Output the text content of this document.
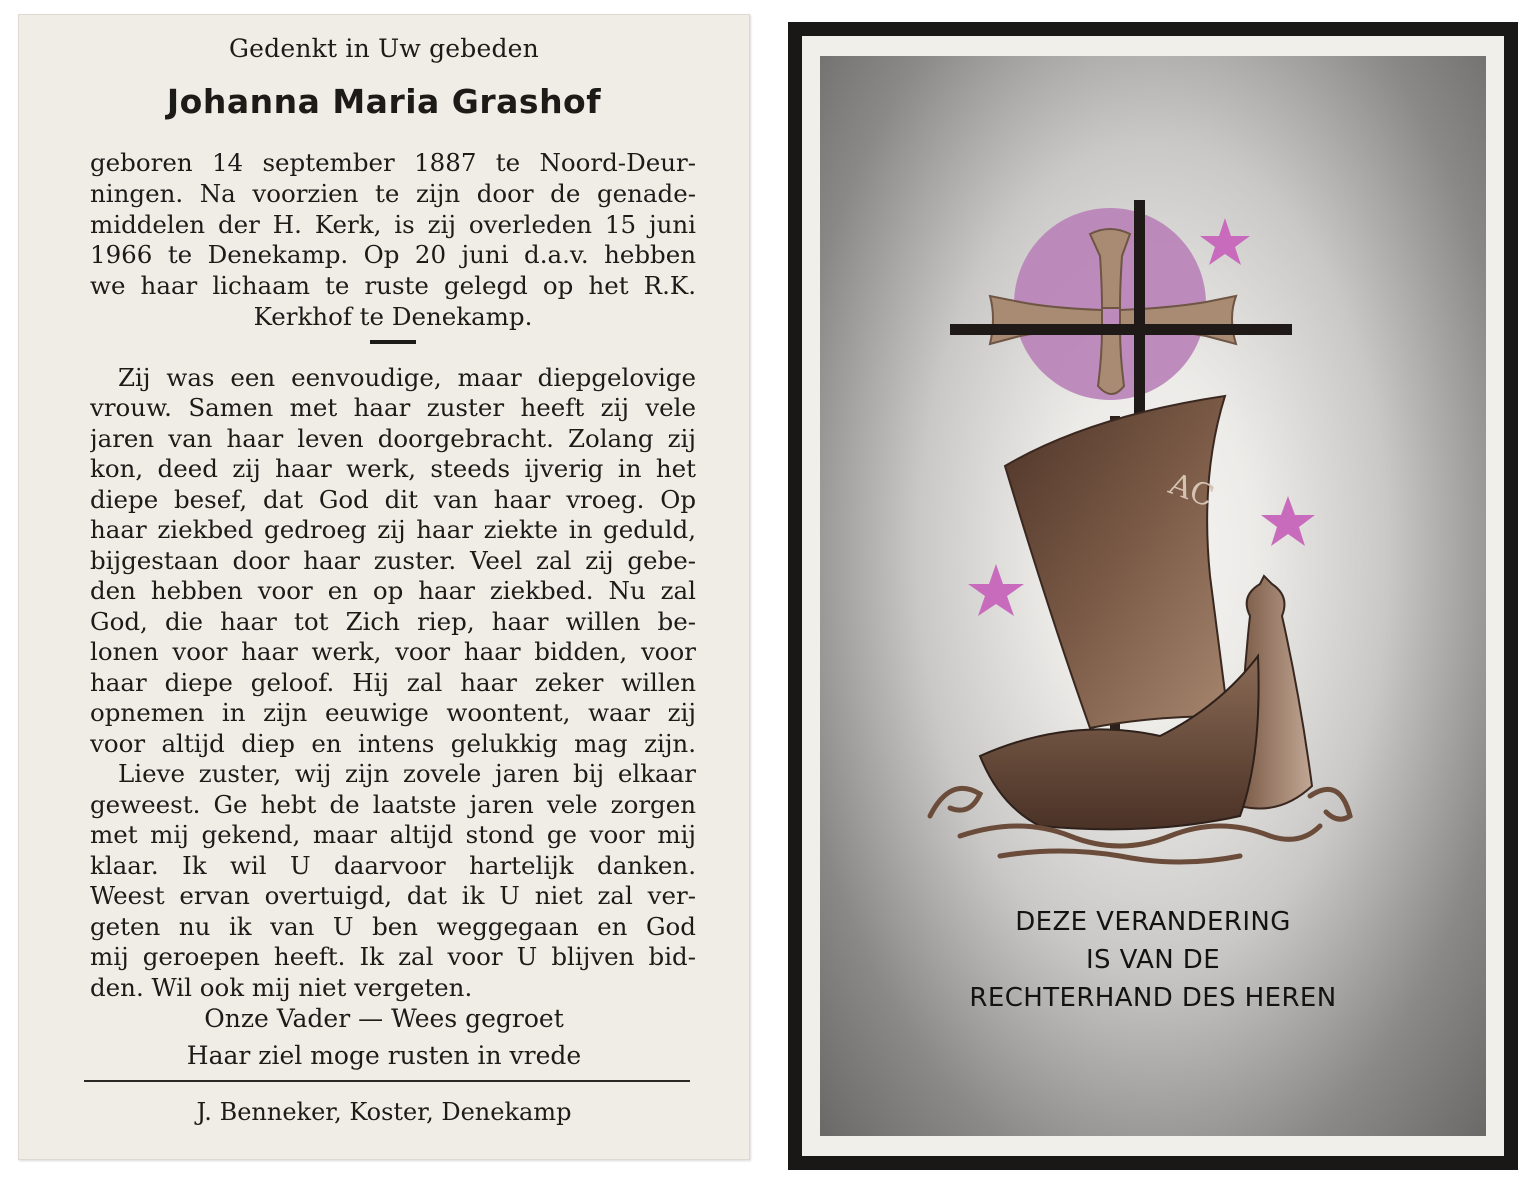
Gedenkt in Uw gebeden
Johanna Maria Grashof
geboren 14 september 1887 te Noord-Deur-
ningen. Na voorzien te zijn door de genade-
middelen der H. Kerk, is zij overleden 15 juni
1966 te Denekamp. Op 20 juni d.a.v. hebben
we haar lichaam te ruste gelegd op het R.K.
Kerkhof te Denekamp.
Zij was een eenvoudige, maar diepgelovige
vrouw. Samen met haar zuster heeft zij vele
jaren van haar leven doorgebracht. Zolang zij
kon, deed zij haar werk, steeds ijverig in het
diepe besef, dat God dit van haar vroeg. Op
haar ziekbed gedroeg zij haar ziekte in geduld,
bijgestaan door haar zuster. Veel zal zij gebe-
den hebben voor en op haar ziekbed. Nu zal
God, die haar tot Zich riep, haar willen be-
lonen voor haar werk, voor haar bidden, voor
haar diepe geloof. Hij zal haar zeker willen
opnemen in zijn eeuwige woontent, waar zij
voor altijd diep en intens gelukkig mag zijn.
Lieve zuster, wij zijn zovele jaren bij elkaar
geweest. Ge hebt de laatste jaren vele zorgen
met mij gekend, maar altijd stond ge voor mij
klaar. Ik wil U daarvoor hartelijk danken.
Weest ervan overtuigd, dat ik U niet zal ver-
geten nu ik van U ben weggegaan en God
mij geroepen heeft. Ik zal voor U blijven bid-
den. Wil ook mij niet vergeten.
Onze Vader — Wees gegroet
Haar ziel moge rusten in vrede
J. Benneker, Koster, Denekamp
AC
DEZE VERANDERING
IS VAN DE
RECHTERHAND DES HEREN
